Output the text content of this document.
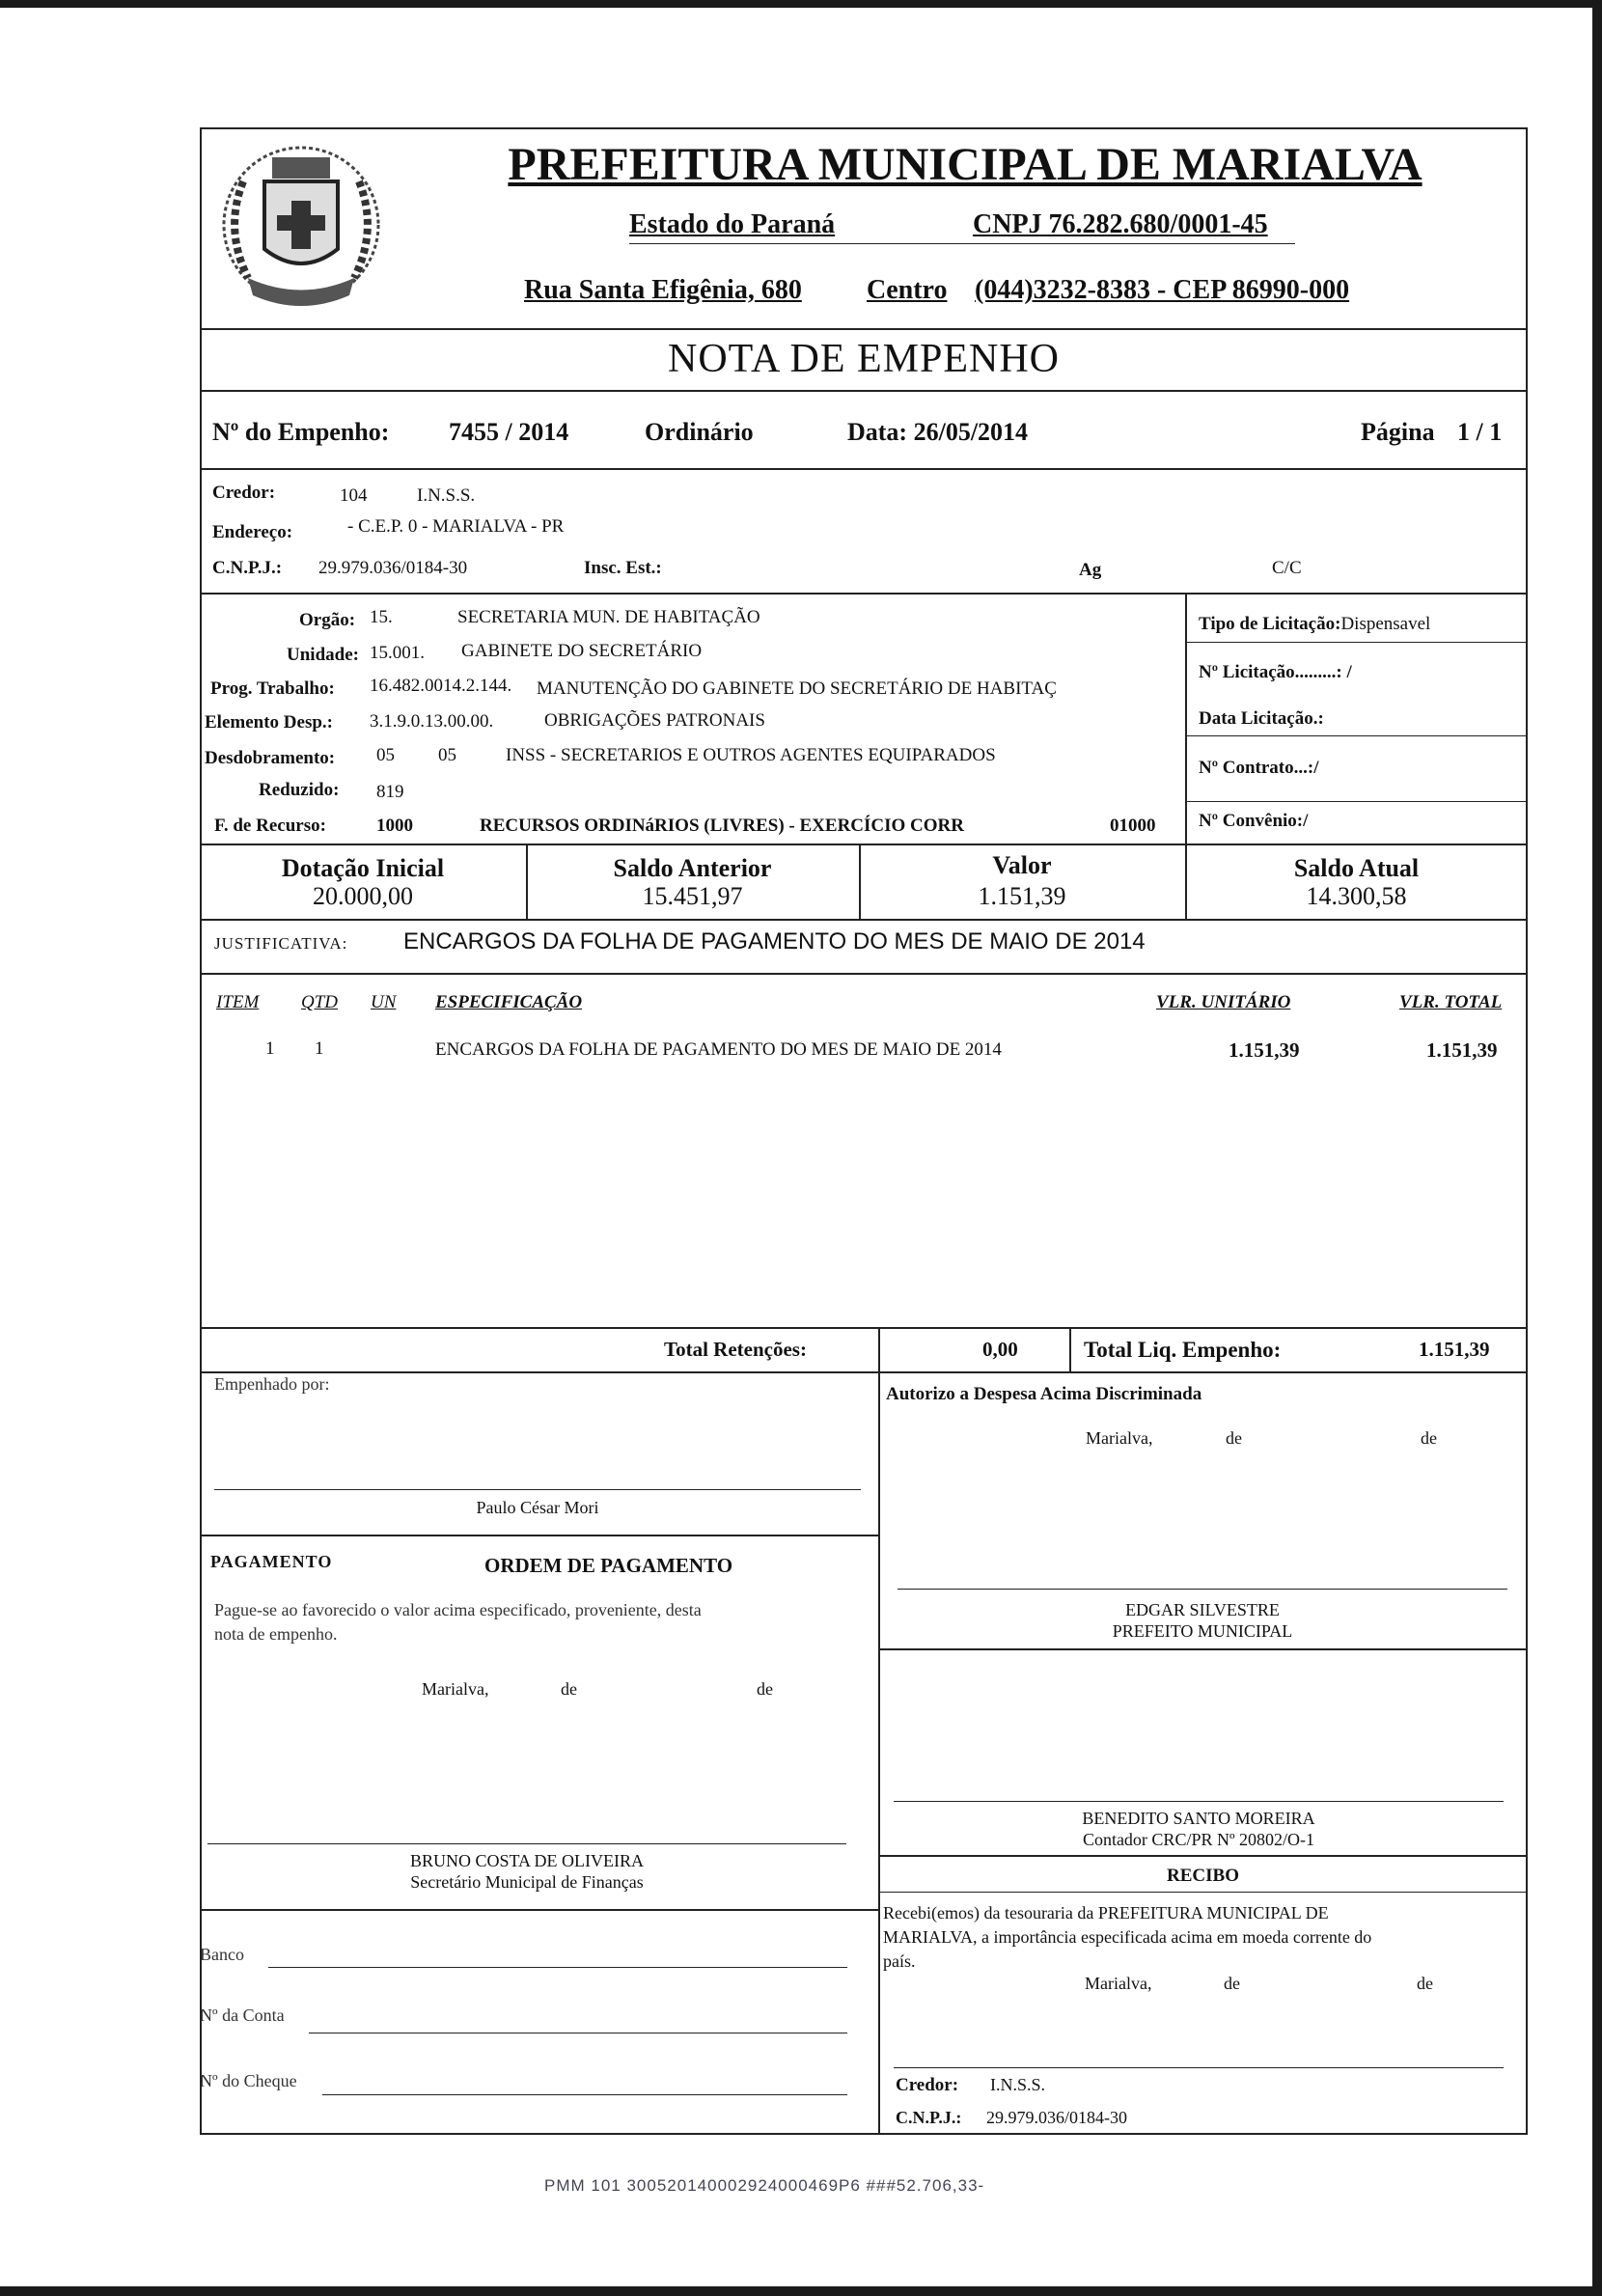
PREFEITURA MUNICIPAL DE MARIALVA
Estado do Paraná	CNPJ 76.282.680/0001-45
Rua Santa Efigênia, 680 Centro (044)3232-8383 - CEP 86990-000
NOTA DE EMPENHO
Nº do Empenho: 7455 / 2014	Ordinário	Data: 26/05/2014	Página 1 / 1
Credor:	104	I.N.S.S.
Endereço:	- C.E.P. 0 - MARIALVA - PR
C.N.P.J.: 29.979.036/0184-30	Insc. Est.:	Ag	C/C
Orgão: 15.	SECRETARIA MUN. DE HABITAÇÃO
Unidade: 15.001. GABINETE DO SECRETÁRIO
Prog. Trabalho: 16.482.0014.2.144. MANUTENÇÃO DO GABINETE DO SECRETÁRIO DE HABITAÇ
Elemento Desp.: 3.1.9.0.13.00.00.	OBRIGAÇÕES PATRONAIS
Desdobramento: 05 05	INSS - SECRETARIOS E OUTROS AGENTES EQUIPARADOS
Reduzido: 819
F. de Recurso:	1000	RECURSOS ORDINáRIOS (LIVRES) - EXERCÍCIO CORR	01000
Tipo de Licitação:Dispensavel
Nº Licitação.........: /
Data Licitação.:
Nº Contrato...:/
Nº Convênio:/
Dotação Inicial
20.000,00
Saldo Anterior
15.451,97
Valor
1.151,39
Saldo Atual
14.300,58
JUSTIFICATIVA: ENCARGOS DA FOLHA DE PAGAMENTO DO MES DE MAIO DE 2014
ITEM QTD UN ESPECIFICAÇÃO	VLR. UNITÁRIO	VLR. TOTAL
1 1	ENCARGOS DA FOLHA DE PAGAMENTO DO MES DE MAIO DE 2014	1.151,39	1.151,39
Total Retenções:	0,00	Total Liq. Empenho:	1.151,39
Empenhado por:
Paulo César Mori
Autorizo a Despesa Acima Discriminada
Marialva,	de	de
PAGAMENTO	ORDEM DE PAGAMENTO
Pague-se ao favorecido o valor acima especificado, proveniente, desta
nota de empenho.
Marialva,	de	de
EDGAR SILVESTRE
PREFEITO MUNICIPAL
BENEDITO SANTO MOREIRA
Contador CRC/PR Nº 20802/O-1
BRUNO COSTA DE OLIVEIRA
Secretário Municipal de Finanças	RECIBO
Recebi(emos) da tesouraria da PREFEITURA MUNICIPAL DE
MARIALVA, a importância especificada acima em moeda corrente do
país.
Marialva,	de	de
Banco
Nº da Conta
Nº do Cheque	Credor: I.N.S.S.
C.N.P.J.: 29.979.036/0184-30
PMM 101 300520140002924000469P6 ###52.706,33-
